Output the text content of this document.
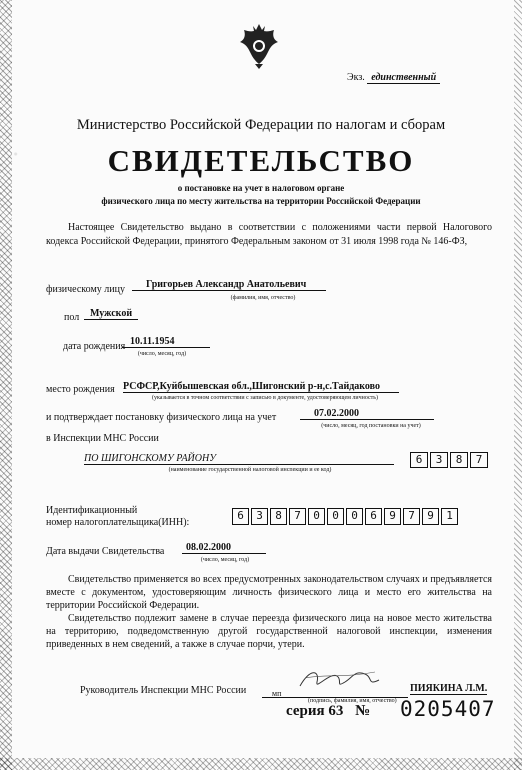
Экз. единственный
Министерство Российской Федерации по налогам и сборам
СВИДЕТЕЛЬСТВО
о постановке на учет в налоговом органе
физического лица по месту жительства на территории Российской Федерации
Настоящее Свидетельство выдано в соответствии с положениями части первой Налогового кодекса Российской Федерации, принятого Федеральным законом от 31 июля 1998 года № 146-ФЗ,
физическому лицу	Григорьев Александр Анатольевич
(фамилия, имя, отчество)
пол	Мужской
дата рождения 10.11.1954
(число, месяц, год)
место рождения РСФСР,Куйбышевская обл.,Шигонский р-н,с.Тайдаково
(указывается в точном соответствии с записью в документе, удостоверяющем личность)
и подтверждает постановку физического лица на учет	07.02.2000
(число, месяц, год постановки на учет)
в Инспекции МНС России
ПО ШИГОНСКОМУ РАЙОНУ
(наименование государственной налоговой инспекции и ее код)
6	3	8	7
Идентификационный
номер налогоплательщика(ИНН):
6	3	8	7	0	0	0	6	9	7	9	1
Дата выдачи Свидетельства	08.02.2000
(число, месяц, год)
Свидетельство применяется во всех предусмотренных законодательством случаях и предъявляется вместе с документом, удостоверяющим личность физического лица и место его жительства на территории Российской Федерации.
Свидетельство подлежит замене в случае переезда физического лица на новое место жительства на территорию, подведомственную другой государственной налоговой инспекции, изменения приведенных в нем сведений, а также в случае порчи, утери.
Руководитель Инспекции МНС России	мп
(подпись, фамилия, имя, отчество)
ПИЯКИНА Л.М.
серия 63 № 0205407
